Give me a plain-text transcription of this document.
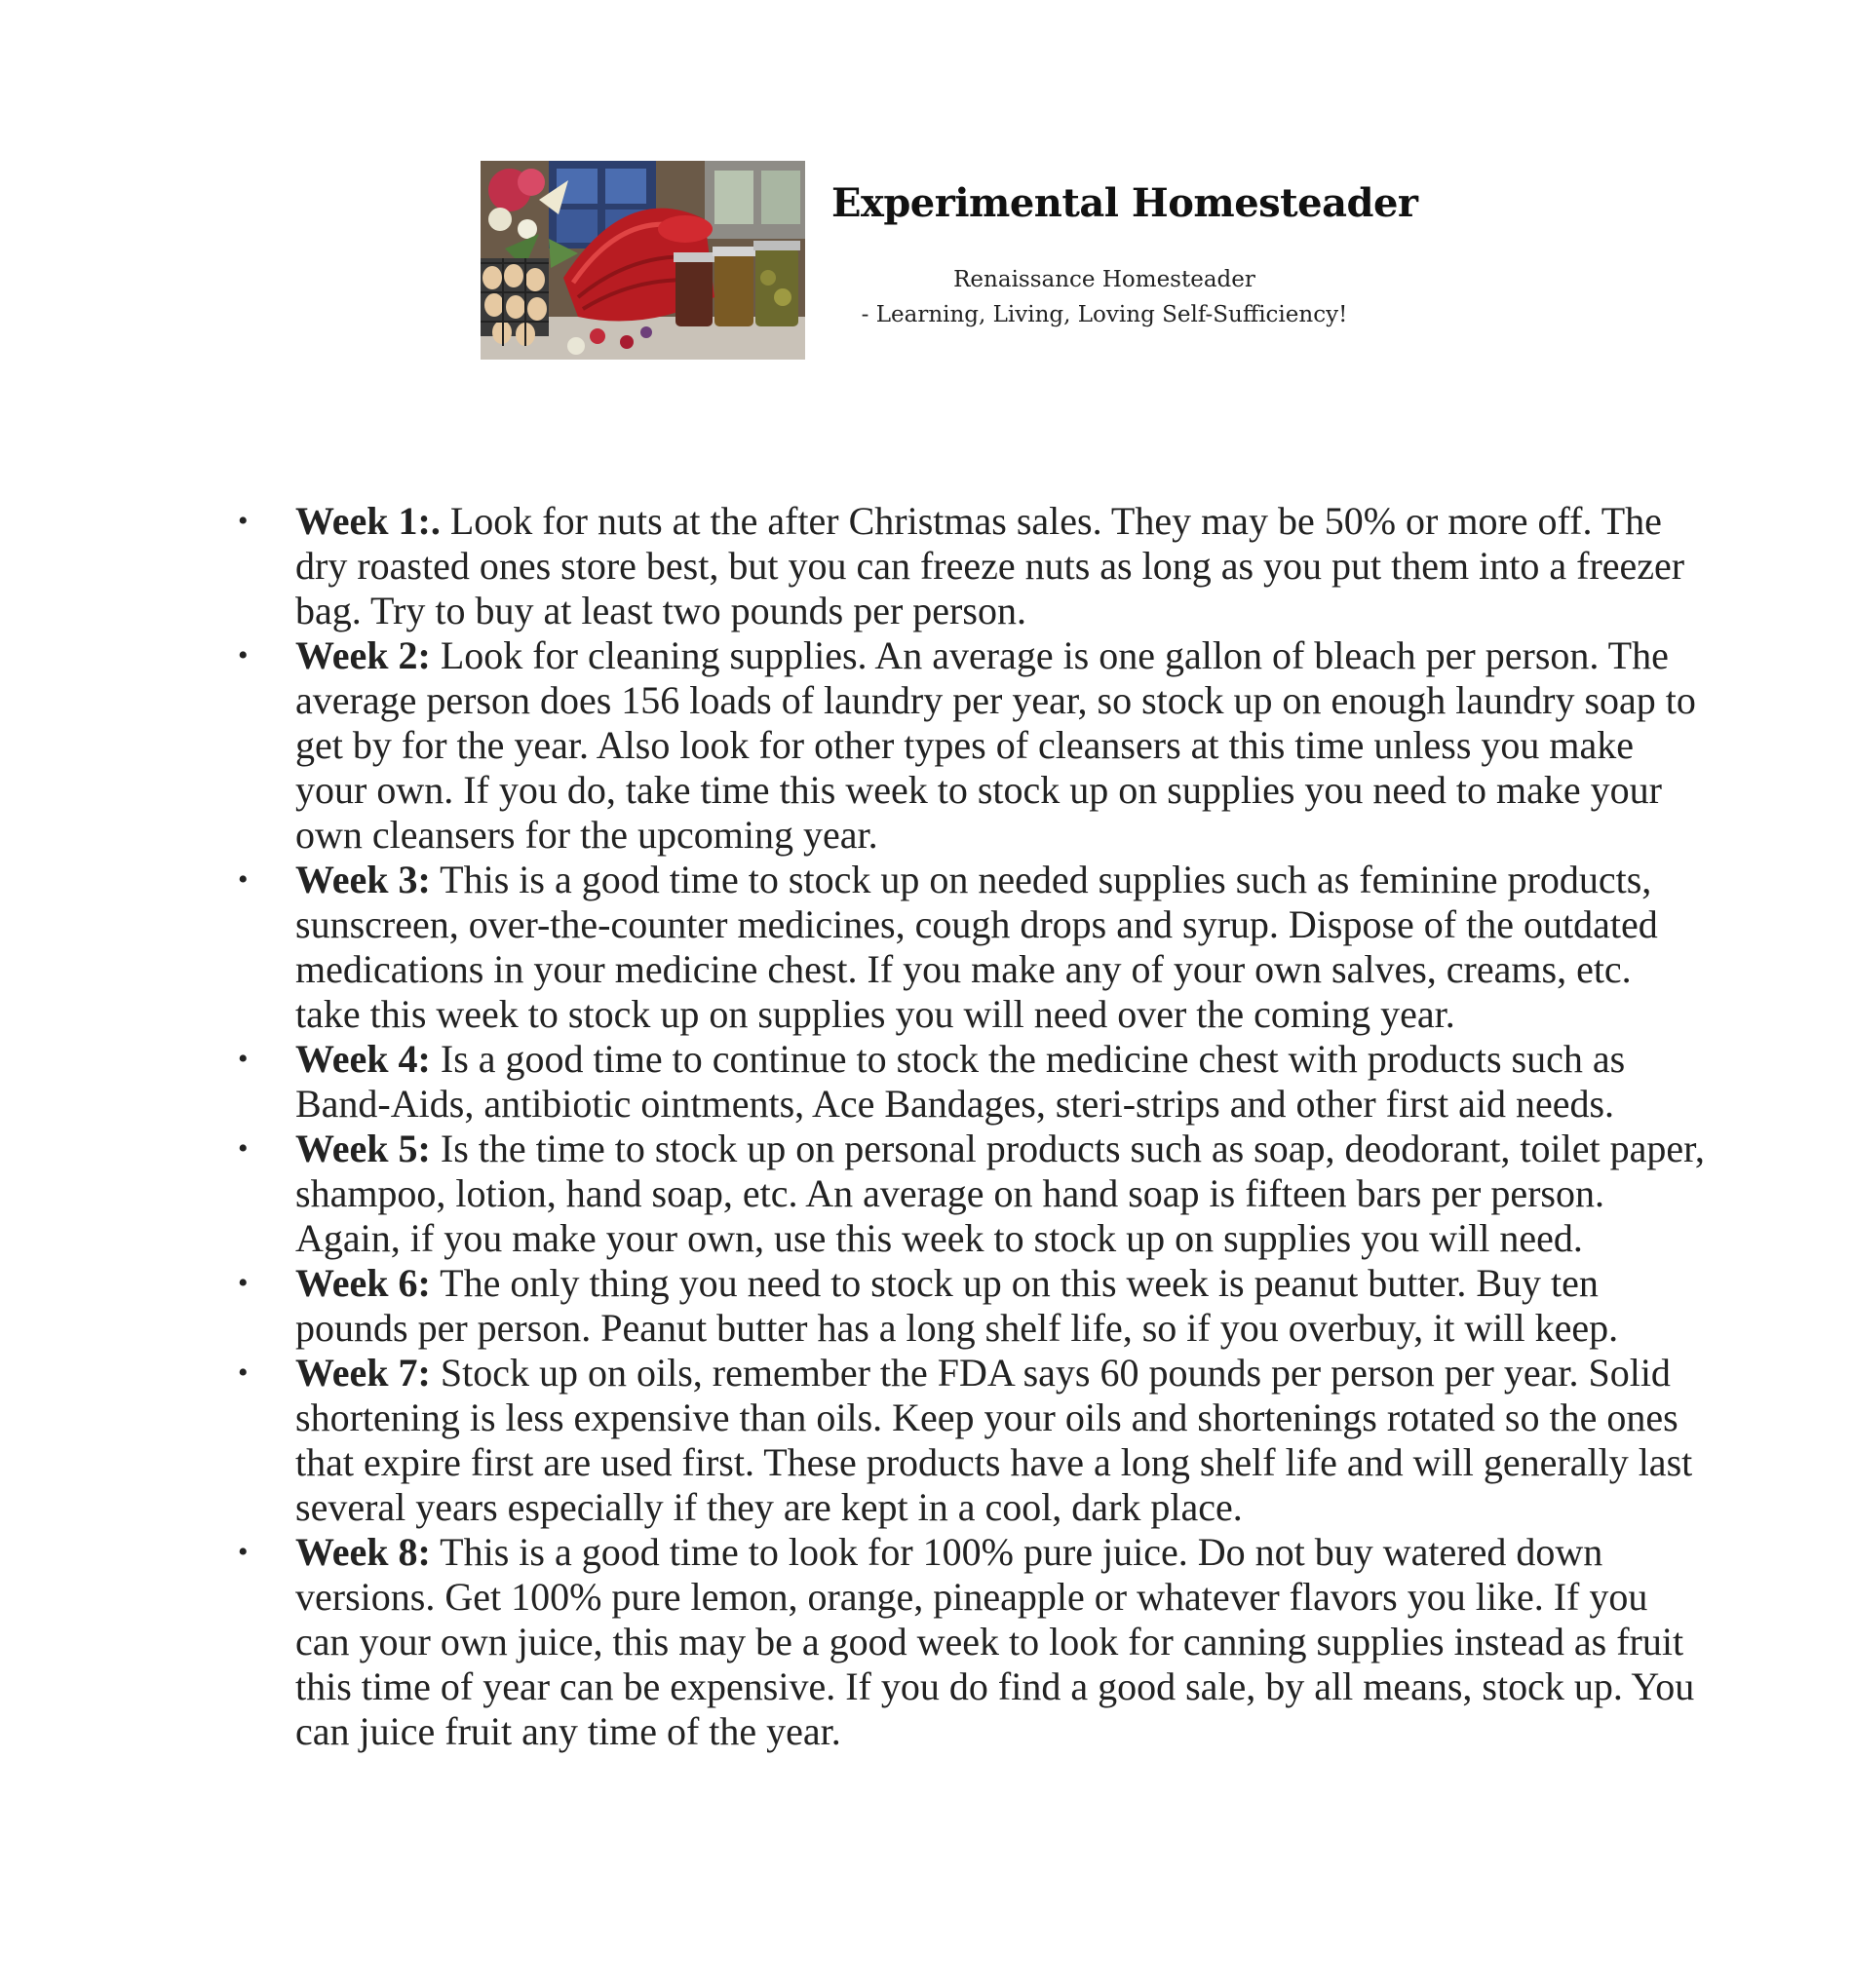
Experimental Homesteader
Renaissance Homesteader
- Learning, Living, Loving Self-Sufficiency!
• Week 1:. Look for nuts at the after Christmas sales. They may be 50% or more off. The dry roasted ones store best, but you can freeze nuts as long as you put them into a freezer bag. Try to buy at least two pounds per person.
• Week 2: Look for cleaning supplies. An average is one gallon of bleach per person. The average person does 156 loads of laundry per year, so stock up on enough laundry soap to get by for the year. Also look for other types of cleansers at this time unless you make your own. If you do, take time this week to stock up on supplies you need to make your own cleansers for the upcoming year.
• Week 3: This is a good time to stock up on needed supplies such as feminine products, sunscreen, over-the-counter medicines, cough drops and syrup. Dispose of the outdated medications in your medicine chest. If you make any of your own salves, creams, etc. take this week to stock up on supplies you will need over the coming year.
• Week 4: Is a good time to continue to stock the medicine chest with products such as Band-Aids, antibiotic ointments, Ace Bandages, steri-strips and other first aid needs.
• Week 5: Is the time to stock up on personal products such as soap, deodorant, toilet paper, shampoo, lotion, hand soap, etc. An average on hand soap is fifteen bars per person. Again, if you make your own, use this week to stock up on supplies you will need.
• Week 6: The only thing you need to stock up on this week is peanut butter. Buy ten pounds per person. Peanut butter has a long shelf life, so if you overbuy, it will keep.
• Week 7: Stock up on oils, remember the FDA says 60 pounds per person per year. Solid shortening is less expensive than oils. Keep your oils and shortenings rotated so the ones that expire first are used first. These products have a long shelf life and will generally last several years especially if they are kept in a cool, dark place.
• Week 8: This is a good time to look for 100% pure juice. Do not buy watered down versions. Get 100% pure lemon, orange, pineapple or whatever flavors you like. If you can your own juice, this may be a good week to look for canning supplies instead as fruit this time of year can be expensive. If you do find a good sale, by all means, stock up. You can juice fruit any time of the year.
